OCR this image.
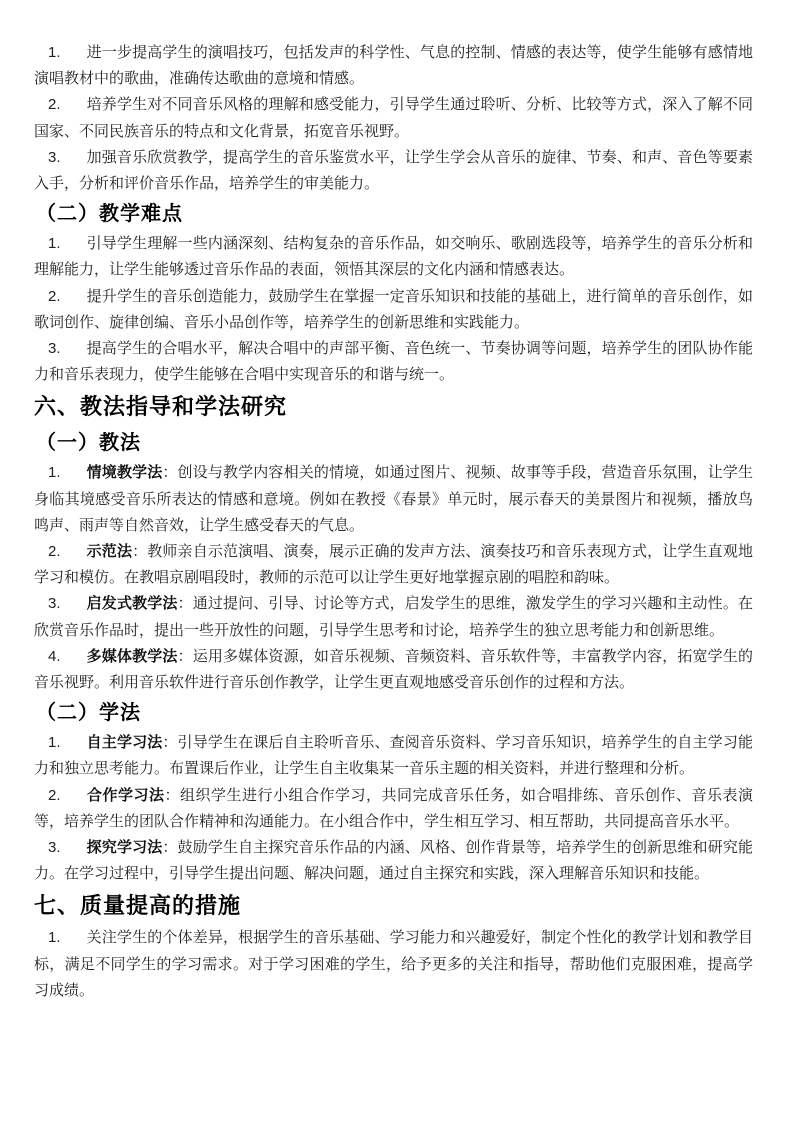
1. 进一步提高学生的演唱技巧，包括发声的科学性、气息的控制、情感的表达等，使学生能够有感情地演唱教材中的歌曲，准确传达歌曲的意境和情感。

2. 培养学生对不同音乐风格的理解和感受能力，引导学生通过聆听、分析、比较等方式，深入了解不同国家、不同民族音乐的特点和文化背景，拓宽音乐视野。

3. 加强音乐欣赏教学，提高学生的音乐鉴赏水平，让学生学会从音乐的旋律、节奏、和声、音色等要素入手，分析和评价音乐作品，培养学生的审美能力。

（二）教学难点

1. 引导学生理解一些内涵深刻、结构复杂的音乐作品，如交响乐、歌剧选段等，培养学生的音乐分析和理解能力，让学生能够透过音乐作品的表面，领悟其深层的文化内涵和情感表达。

2. 提升学生的音乐创造能力，鼓励学生在掌握一定音乐知识和技能的基础上，进行简单的音乐创作，如歌词创作、旋律创编、音乐小品创作等，培养学生的创新思维和实践能力。

3. 提高学生的合唱水平，解决合唱中的声部平衡、音色统一、节奏协调等问题，培养学生的团队协作能力和音乐表现力，使学生能够在合唱中实现音乐的和谐与统一。

六、教法指导和学法研究
（一）教法

1. 情境教学法：创设与教学内容相关的情境，如通过图片、视频、故事等手段，营造音乐氛围，让学生身临其境感受音乐所表达的情感和意境。例如在教授《春景》单元时，展示春天的美景图片和视频，播放鸟鸣声、雨声等自然音效，让学生感受春天的气息。

2. 示范法：教师亲自示范演唱、演奏，展示正确的发声方法、演奏技巧和音乐表现方式，让学生直观地学习和模仿。在教唱京剧唱段时，教师的示范可以让学生更好地掌握京剧的唱腔和韵味。

3. 启发式教学法：通过提问、引导、讨论等方式，启发学生的思维，激发学生的学习兴趣和主动性。在欣赏音乐作品时，提出一些开放性的问题，引导学生思考和讨论，培养学生的独立思考能力和创新思维。

4. 多媒体教学法：运用多媒体资源，如音乐视频、音频资料、音乐软件等，丰富教学内容，拓宽学生的音乐视野。利用音乐软件进行音乐创作教学，让学生更直观地感受音乐创作的过程和方法。

（二）学法

1. 自主学习法：引导学生在课后自主聆听音乐、查阅音乐资料、学习音乐知识，培养学生的自主学习能力和独立思考能力。布置课后作业，让学生自主收集某一音乐主题的相关资料，并进行整理和分析。

2. 合作学习法：组织学生进行小组合作学习，共同完成音乐任务，如合唱排练、音乐创作、音乐表演等，培养学生的团队合作精神和沟通能力。在小组合作中，学生相互学习、相互帮助，共同提高音乐水平。

3. 探究学习法：鼓励学生自主探究音乐作品的内涵、风格、创作背景等，培养学生的创新思维和研究能力。在学习过程中，引导学生提出问题、解决问题，通过自主探究和实践，深入理解音乐知识和技能。

七、质量提高的措施

1. 关注学生的个体差异，根据学生的音乐基础、学习能力和兴趣爱好，制定个性化的教学计划和教学目标，满足不同学生的学习需求。对于学习困难的学生，给予更多的关注和指导，帮助他们克服困难，提高学习成绩。
